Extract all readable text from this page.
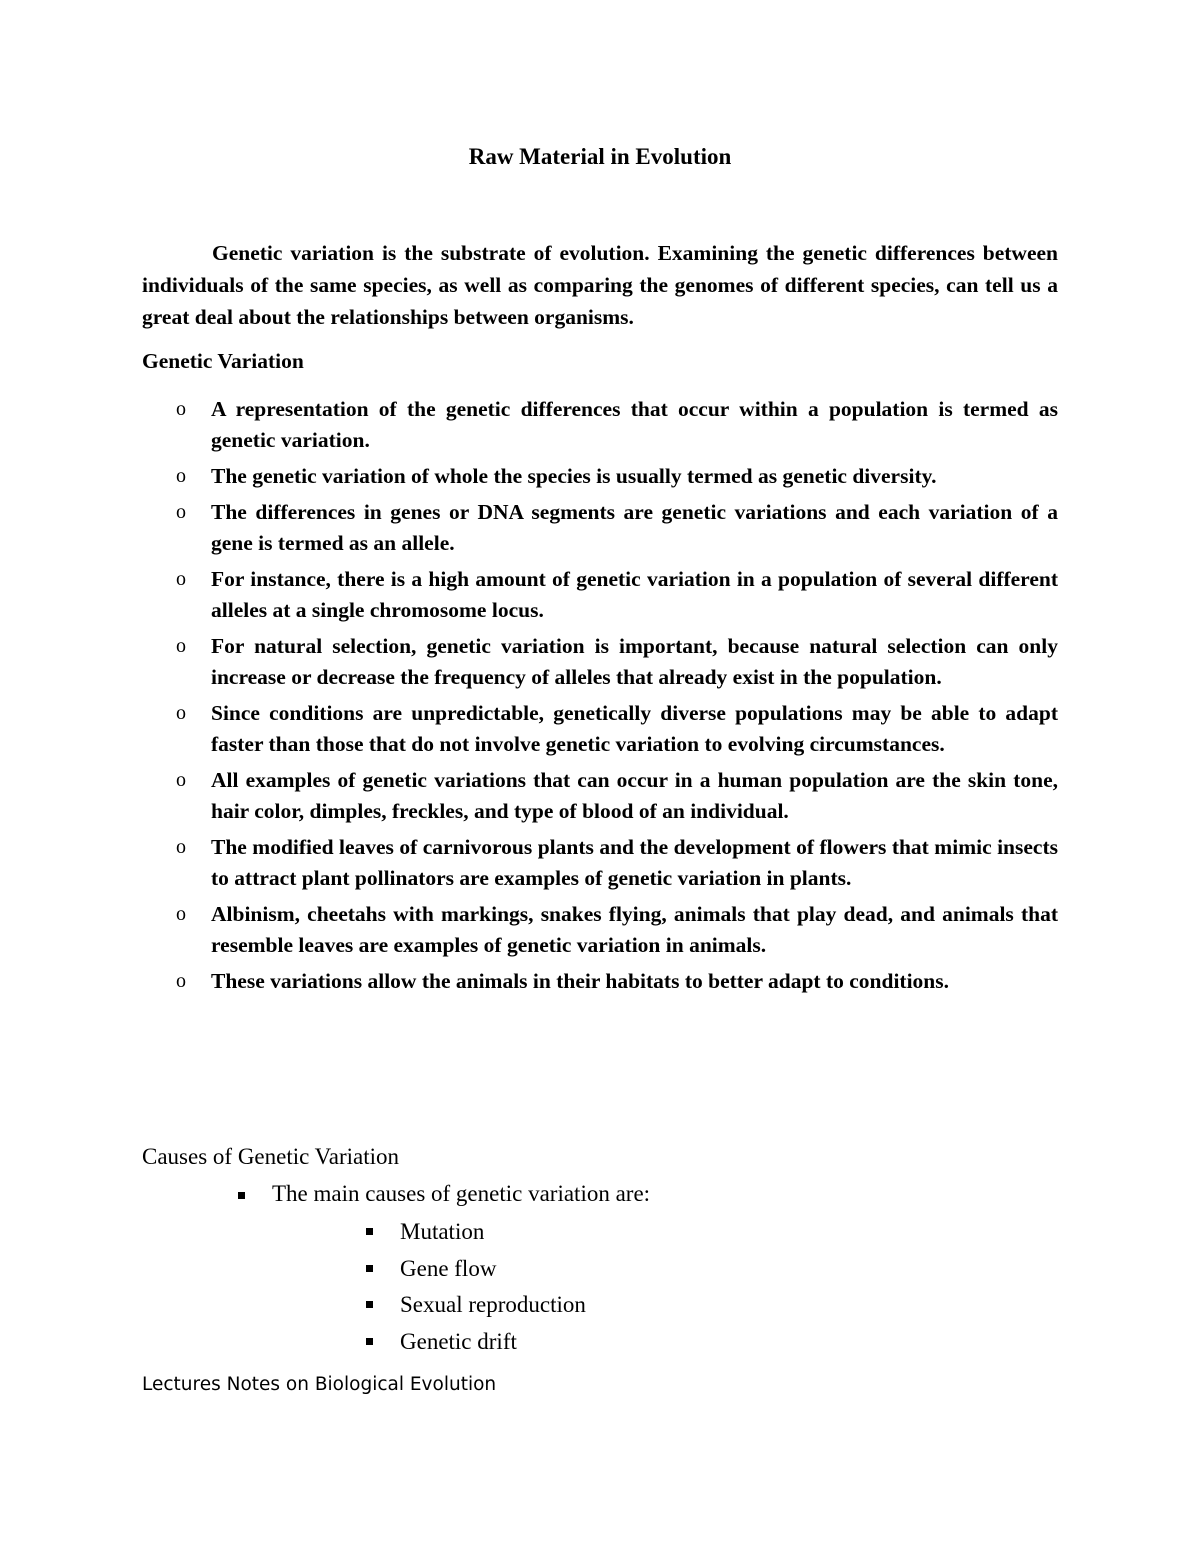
Raw Material in Evolution

Genetic variation is the substrate of evolution. Examining the genetic differences between individuals of the same species, as well as comparing the genomes of different species, can tell us a great deal about the relationships between organisms.

Genetic Variation
o A representation of the genetic differences that occur within a population is termed as genetic variation.
o The genetic variation of whole the species is usually termed as genetic diversity.
o The differences in genes or DNA segments are genetic variations and each variation of a gene is termed as an allele.
o For instance, there is a high amount of genetic variation in a population of several different alleles at a single chromosome locus.
o For natural selection, genetic variation is important, because natural selection can only increase or decrease the frequency of alleles that already exist in the population.
o Since conditions are unpredictable, genetically diverse populations may be able to adapt faster than those that do not involve genetic variation to evolving circumstances.
o All examples of genetic variations that can occur in a human population are the skin tone, hair color, dimples, freckles, and type of blood of an individual.
o The modified leaves of carnivorous plants and the development of flowers that mimic insects to attract plant pollinators are examples of genetic variation in plants.
o Albinism, cheetahs with markings, snakes flying, animals that play dead, and animals that resemble leaves are examples of genetic variation in animals.
o These variations allow the animals in their habitats to better adapt to conditions.
Causes of Genetic Variation
The main causes of genetic variation are:
Mutation
Gene flow
Sexual reproduction
Genetic drift
Lectures Notes on Biological Evolution
